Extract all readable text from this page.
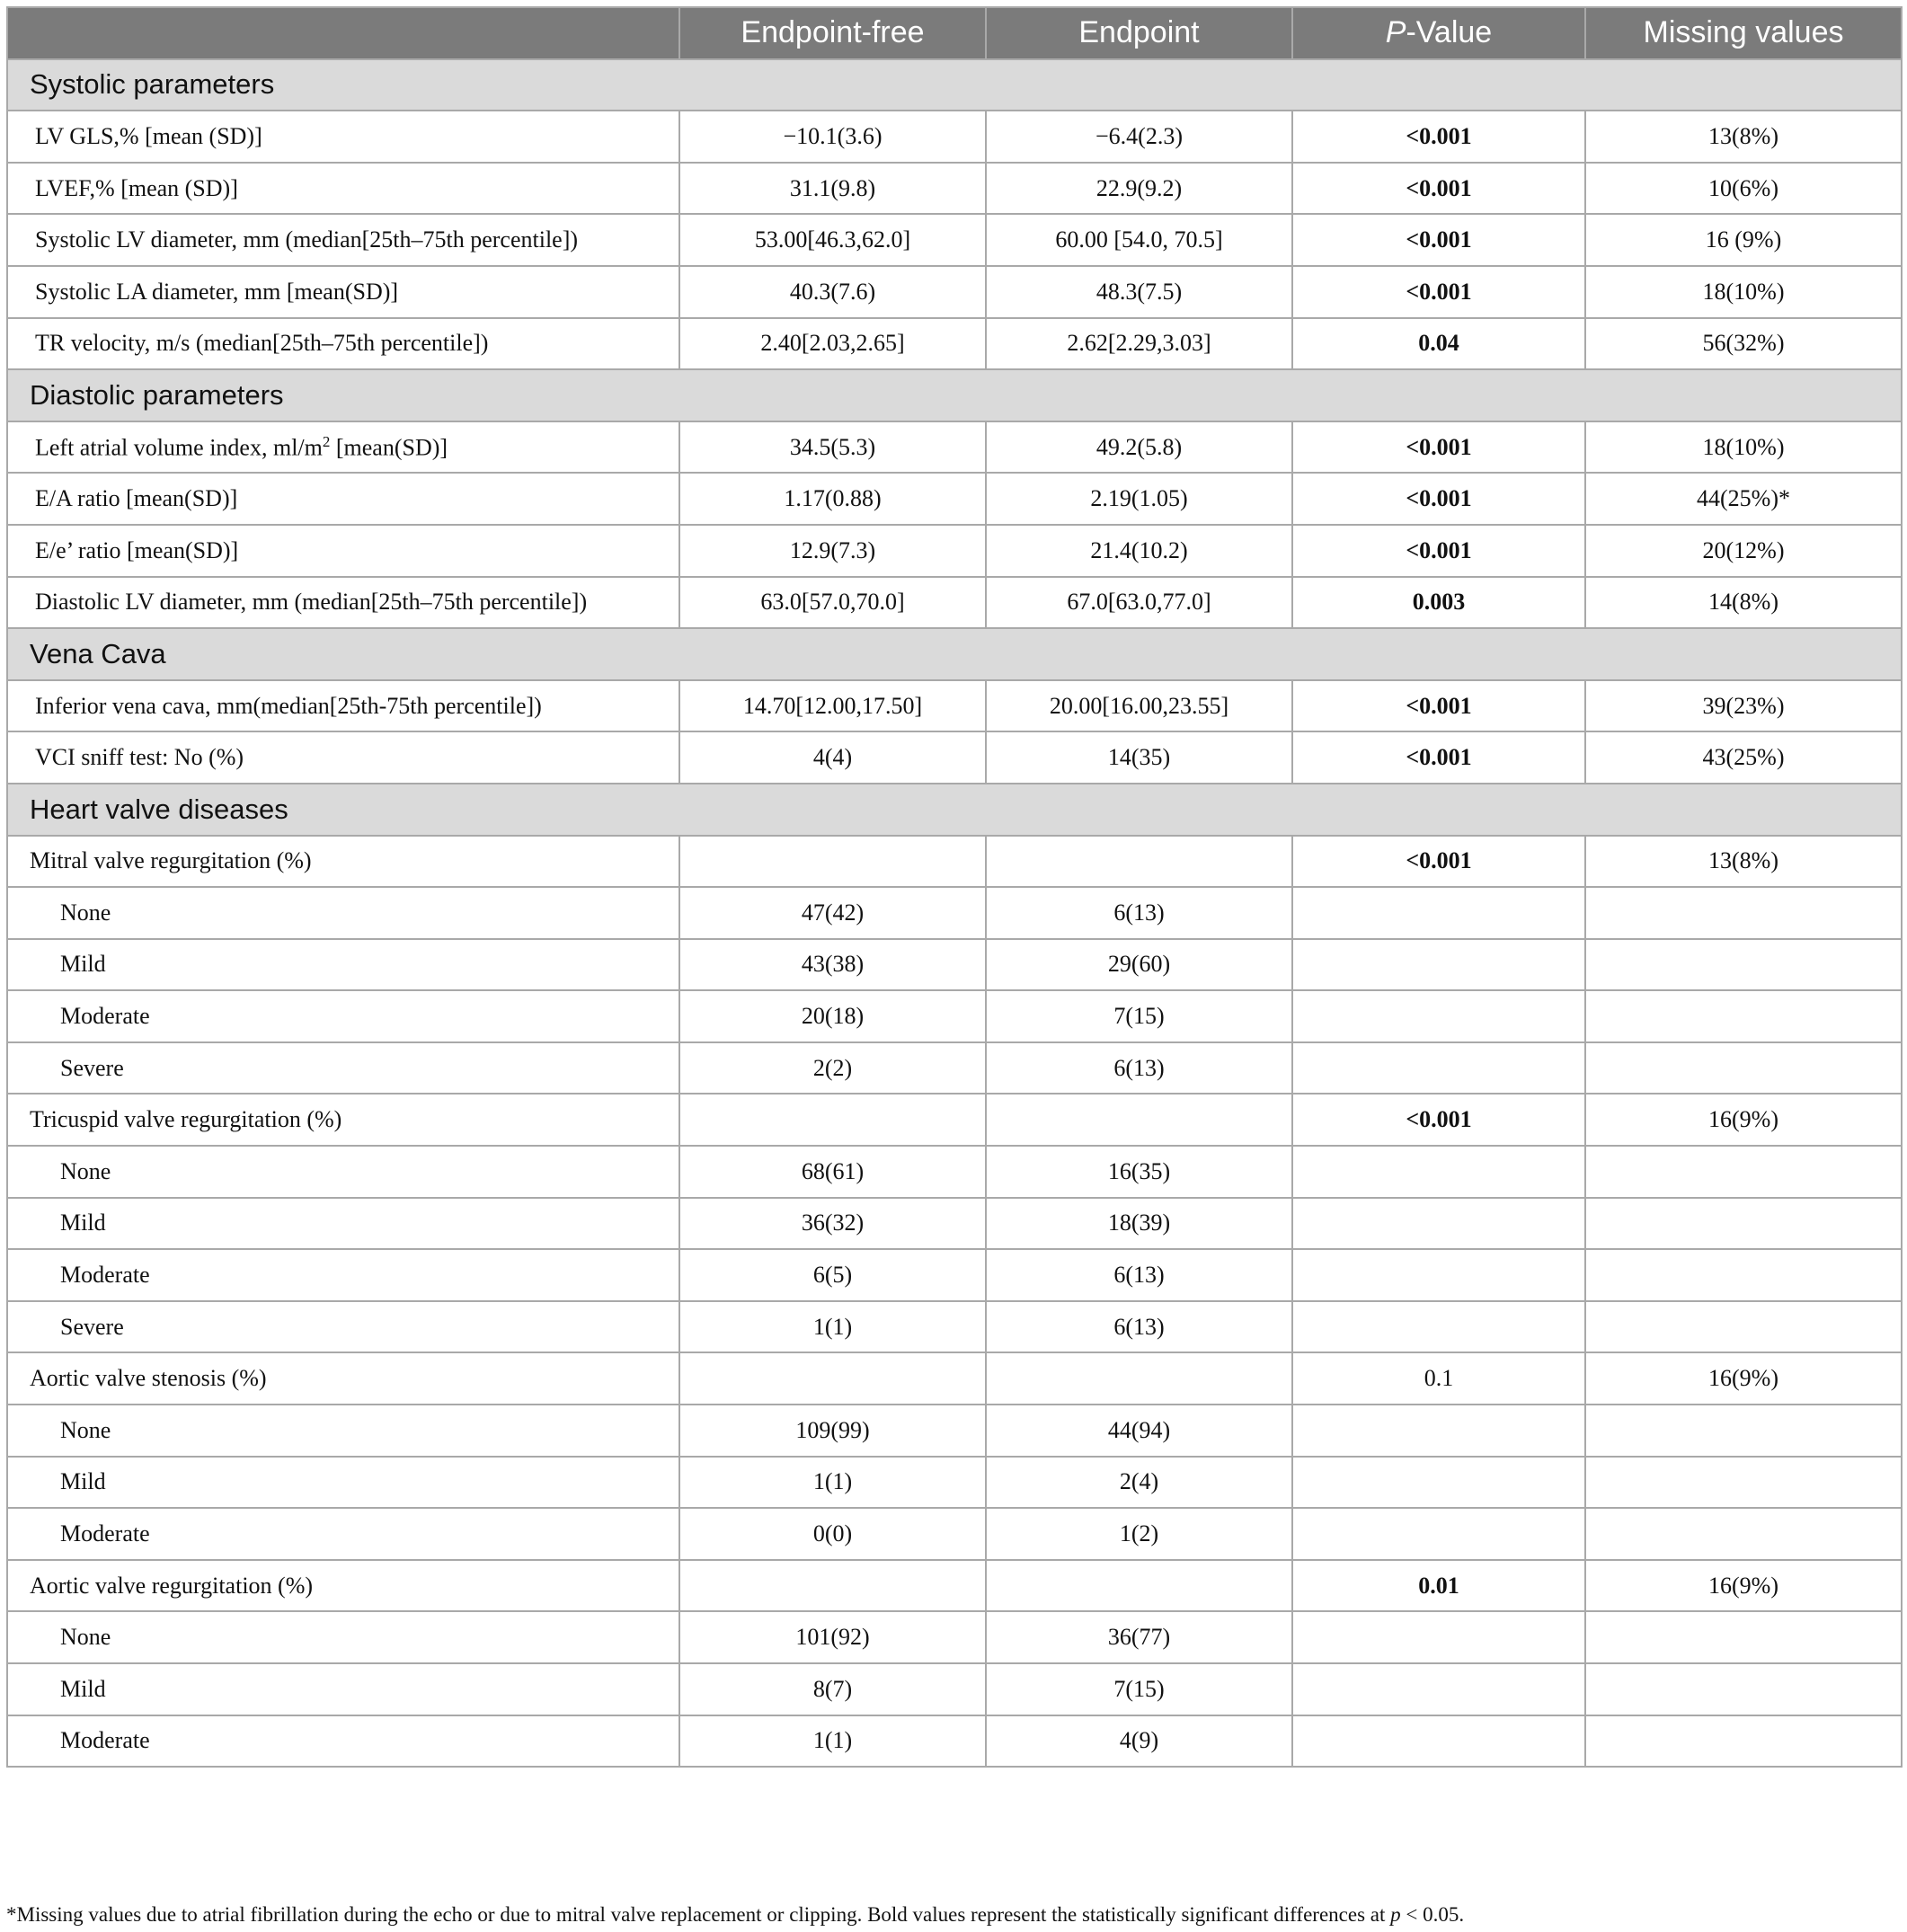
	Endpoint-free	Endpoint	P-Value	Missing values
Systolic parameters				
LV GLS,% [mean (SD)]	−10.1(3.6)	−6.4(2.3)	<0.001	13(8%)
LVEF,% [mean (SD)]	31.1(9.8)	22.9(9.2)	<0.001	10(6%)
Systolic LV diameter, mm (median[25th–75th percentile])	53.00[46.3,62.0]	60.00 [54.0, 70.5]	<0.001	16 (9%)
Systolic LA diameter, mm [mean(SD)]	40.3(7.6)	48.3(7.5)	<0.001	18(10%)
TR velocity, m/s (median[25th–75th percentile])	2.40[2.03,2.65]	2.62[2.29,3.03]	0.04	56(32%)
Diastolic parameters				
Left atrial volume index, $ml/m^2$ [mean(SD)]	34.5(5.3)	49.2(5.8)	<0.001	18(10%)
E/A ratio [mean(SD)]	1.17(0.88)	2.19(1.05)	<0.001	44(25%)*
E/e’ ratio [mean(SD)]	12.9(7.3)	21.4(10.2)	<0.001	20(12%)
Diastolic LV diameter, mm (median[25th–75th percentile])	63.0[57.0,70.0]	67.0[63.0,77.0]	0.003	14(8%)
Vena Cava				
Inferior vena cava, mm(median[25th-75th percentile])	14.70[12.00,17.50]	20.00[16.00,23.55]	<0.001	39(23%)
VCI sniff test: No (%)	4(4)	14(35)	<0.001	43(25%)
Heart valve diseases				
Mitral valve regurgitation (%)			<0.001	13(8%)
None	47(42)	6(13)		
Mild	43(38)	29(60)		
Moderate	20(18)	7(15)		
Severe	2(2)	6(13)		
Tricuspid valve regurgitation (%)			<0.001	16(9%)
None	68(61)	16(35)		
Mild	36(32)	18(39)		
Moderate	6(5)	6(13)		
Severe	1(1)	6(13)		
Aortic valve stenosis (%)			0.1	16(9%)
None	109(99)	44(94)		
Mild	1(1)	2(4)		
Moderate	0(0)	1(2)		
Aortic valve regurgitation (%)			0.01	16(9%)
None	101(92)	36(77)		
Mild	8(7)	7(15)		
Moderate	1(1)	4(9)		
*Missing values due to atrial fibrillation during the echo or due to mitral valve replacement or clipping. Bold values represent the statistically significant differences at p < 0.05.
